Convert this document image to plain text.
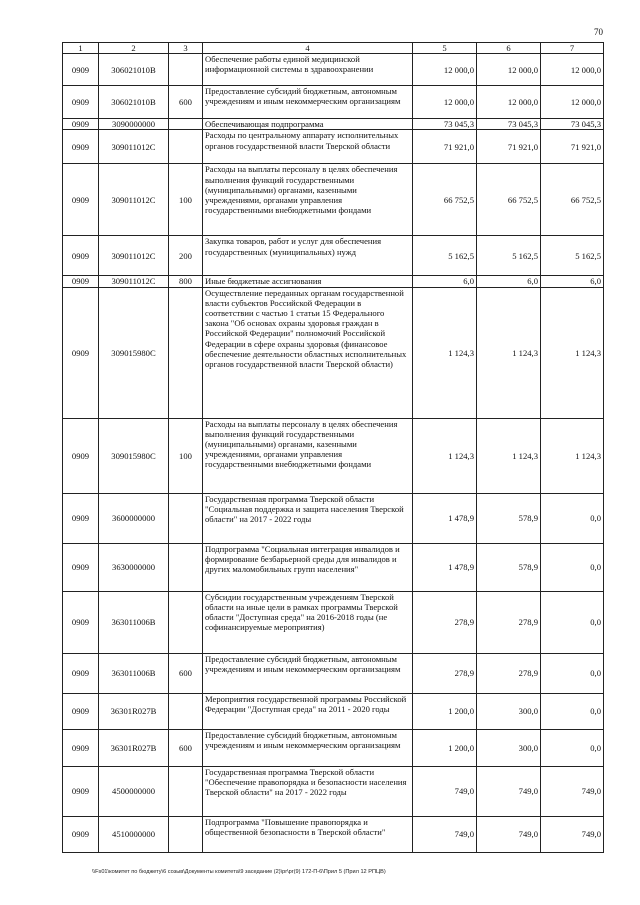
70
1	2	3	4	5	6	7
0909	306021010B		Обеспечение работы единой медицинской информационной системы в здравоохранении	12 000,0	12 000,0	12 000,0
0909	306021010B	600	Предоставление субсидий бюджетным, автономным учреждениям и иным некоммерческим организациям	12 000,0	12 000,0	12 000,0
0909	3090000000		Обеспечивающая подпрограмма	73 045,3	73 045,3	73 045,3
0909	309011012C		Расходы по центральному аппарату исполнительных органов государственной власти Тверской области	71 921,0	71 921,0	71 921,0
0909	309011012C	100	Расходы на выплаты персоналу в целях обеспечения выполнения функций государственными (муниципальными) органами, казенными учреждениями, органами управления государственными внебюджетными фондами	66 752,5	66 752,5	66 752,5
0909	309011012C	200	Закупка товаров, работ и услуг для обеспечения государственных (муниципальных) нужд	5 162,5	5 162,5	5 162,5
0909	309011012C	800	Иные бюджетные ассигнования	6,0	6,0	6,0
0909	309015980C		Осуществление переданных органам государственной власти субъектов Российской Федерации в соответствии с частью 1 статьи 15 Федерального закона "Об основах охраны здоровья граждан в Российской Федерации" полномочий Российской Федерации в сфере охраны здоровья (финансовое обеспечение деятельности областных исполнительных органов государственной власти Тверской области)	1 124,3	1 124,3	1 124,3
0909	309015980C	100	Расходы на выплаты персоналу в целях обеспечения выполнения функций государственными (муниципальными) органами, казенными учреждениями, органами управления государственными внебюджетными фондами	1 124,3	1 124,3	1 124,3
0909	3600000000		Государственная программа Тверской области "Социальная поддержка и защита населения Тверской области" на 2017 - 2022 годы	1 478,9	578,9	0,0
0909	3630000000		Подпрограмма "Социальная интеграция инвалидов и формирование безбарьерной среды для инвалидов и других маломобильных групп населения"	1 478,9	578,9	0,0
0909	363011006B		Субсидии государственным учреждениям Тверской области на иные цели в рамках программы Тверской области "Доступная среда" на 2016-2018 годы (не софинансируемые мероприятия)	278,9	278,9	0,0
0909	363011006B	600	Предоставление субсидий бюджетным, автономным учреждениям и иным некоммерческим организациям	278,9	278,9	0,0
0909	36301R027B		Мероприятия государственной программы Российской Федерации "Доступная среда" на 2011 - 2020 годы	1 200,0	300,0	0,0
0909	36301R027B	600	Предоставление субсидий бюджетным, автономным учреждениям и иным некоммерческим организациям	1 200,0	300,0	0,0
0909	4500000000		Государственная программа Тверской области "Обеспечение правопорядка и безопасности населения Тверской области" на 2017 - 2022 годы	749,0	749,0	749,0
0909	4510000000		Подпрограмма "Повышение правопорядка и общественной безопасности в Тверской области"	749,0	749,0	749,0
\\Fs01\комитет по бюджету\6 созыв\Документы комитета\9 заседание (2)\pr\pr(9) 172-П-6\Прил 5 (Прил 12 РПЦВ)
